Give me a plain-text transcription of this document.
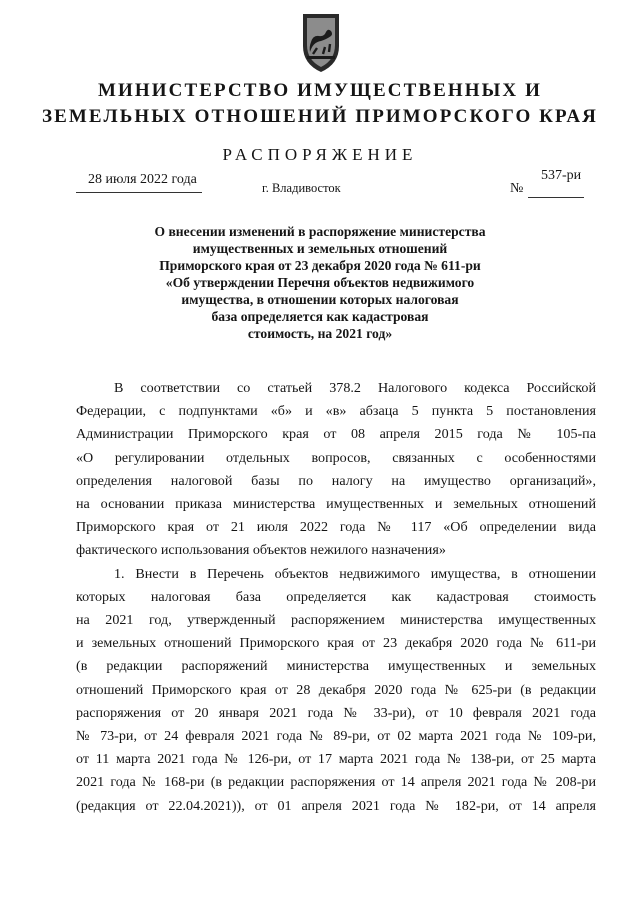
МИНИСТЕРСТВО ИМУЩЕСТВЕННЫХ И
ЗЕМЕЛЬНЫХ ОТНОШЕНИЙ ПРИМОРСКОГО КРАЯ
РАСПОРЯЖЕНИЕ
28 июля 2022 года
г. Владивосток	№
537-ри
О внесении изменений в распоряжение министерства
имущественных и земельных отношений
Приморского края от 23 декабря 2020 года № 611-ри
«Об утверждении Перечня объектов недвижимого
имущества, в отношении которых налоговая
база определяется как кадастровая
стоимость, на 2021 год»
В соответствии со статьей 378.2 Налогового кодекса Российской
Федерации, с подпунктами «б» и «в» абзаца 5 пункта 5 постановления
Администрации Приморского края от 08 апреля 2015 года № 105-па
«О регулировании отдельных вопросов, связанных с особенностями
определения налоговой базы по налогу на имущество организаций»,
на основании приказа министерства имущественных и земельных отношений
Приморского края от 21 июля 2022 года № 117 «Об определении вида
фактического использования объектов нежилого назначения»
1. Внести в Перечень объектов недвижимого имущества, в отношении
которых налоговая база определяется как кадастровая стоимость
на 2021 год, утвержденный распоряжением министерства имущественных
и земельных отношений Приморского края от 23 декабря 2020 года № 611-ри
(в редакции распоряжений министерства имущественных и земельных
отношений Приморского края от 28 декабря 2020 года № 625-ри (в редакции
распоряжения от 20 января 2021 года № 33-ри), от 10 февраля 2021 года
№ 73-ри, от 24 февраля 2021 года № 89-ри, от 02 марта 2021 года № 109-ри,
от 11 марта 2021 года № 126-ри, от 17 марта 2021 года № 138-ри, от 25 марта
2021 года № 168-ри (в редакции распоряжения от 14 апреля 2021 года № 208-ри
(редакция от 22.04.2021)), от 01 апреля 2021 года № 182-ри, от 14 апреля
